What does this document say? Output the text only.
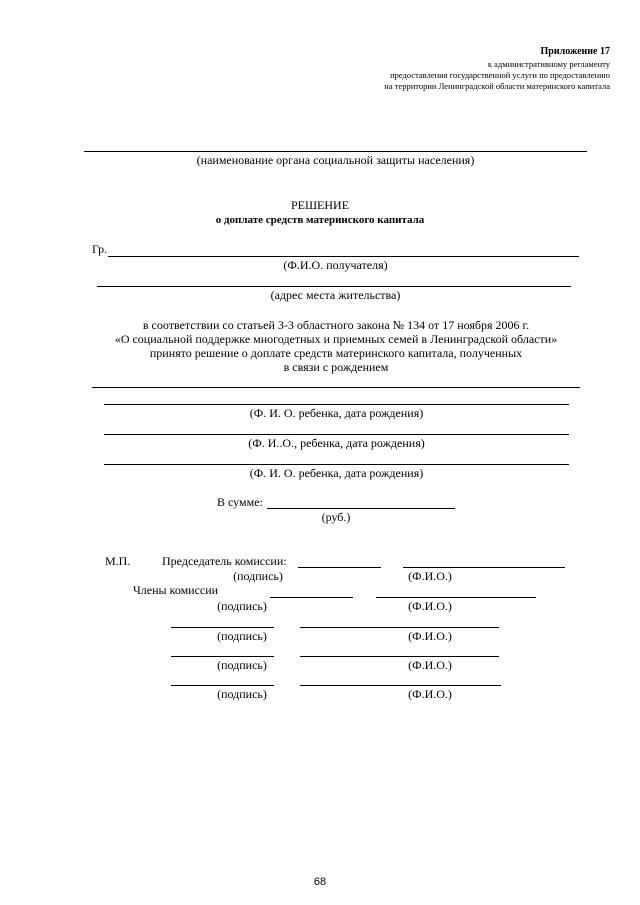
Приложение 17
к административному регламенту
предоставления государственной услуги по предоставлению
на территории Ленинградской области материнского капитала
(наименование органа социальной защиты населения)
РЕШЕНИЕ
о доплате средств материнского капитала
Гр.
(Ф.И.О. получателя)
(адрес места жительства)
в соответствии со статьей 3-3 областного закона № 134 от 17 ноября 2006 г.
«О социальной поддержке многодетных и приемных семей в Ленинградской области»
принято решение о доплате средств материнского капитала, полученных
в связи с рождением
(Ф. И. О. ребенка, дата рождения)
(Ф. И..О., ребенка, дата рождения)
(Ф. И. О. ребенка, дата рождения)
В сумме:
(руб.)
М.П.	Председатель комиссии:
(подпись)	(Ф.И.О.)
Члены комиссии
(подпись)	(Ф.И.О.)
(подпись)	(Ф.И.О.)
(подпись)	(Ф.И.О.)
(подпись)	(Ф.И.О.)
68
